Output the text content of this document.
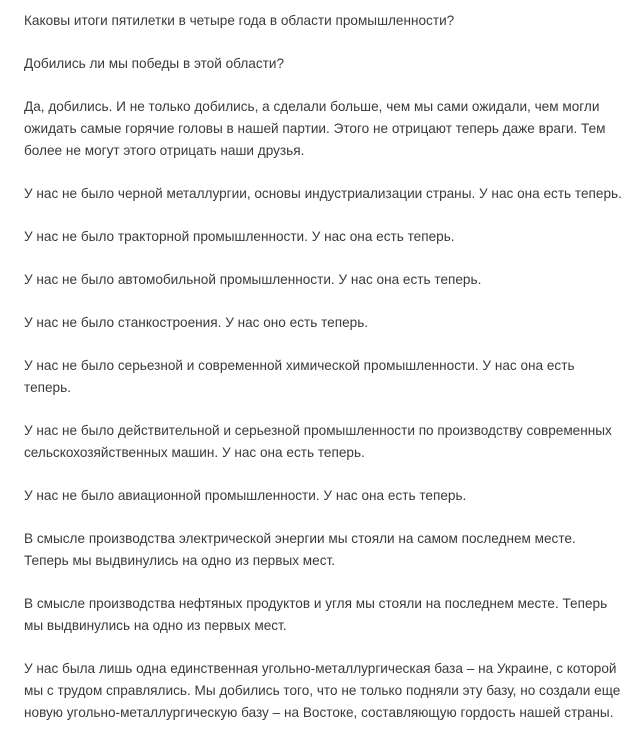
Каковы итоги пятилетки в четыре года в области промышленности?

Добились ли мы победы в этой области?

Да, добились. И не только добились, а сделали больше, чем мы сами ожидали, чем могли ожидать самые горячие головы в нашей партии. Этого не отрицают теперь даже враги. Тем более не могут этого отрицать наши друзья.

У нас не было черной металлургии, основы индустриализации страны. У нас она есть теперь.

У нас не было тракторной промышленности. У нас она есть теперь.

У нас не было автомобильной промышленности. У нас она есть теперь.

У нас не было станкостроения. У нас оно есть теперь.

У нас не было серьезной и современной химической промышленности. У нас она есть теперь.

У нас не было действительной и серьезной промышленности по производству современных сельскохозяйственных машин. У нас она есть теперь.

У нас не было авиационной промышленности. У нас она есть теперь.

В смысле производства электрической энергии мы стояли на самом последнем месте. Теперь мы выдвинулись на одно из первых мест.

В смысле производства нефтяных продуктов и угля мы стояли на последнем месте. Теперь мы выдвинулись на одно из первых мест.

У нас была лишь одна единственная угольно-металлургическая база – на Украине, с которой мы с трудом справлялись. Мы добились того, что не только подняли эту базу, но создали еще новую угольно-металлургическую базу – на Востоке, составляющую гордость нашей страны.
